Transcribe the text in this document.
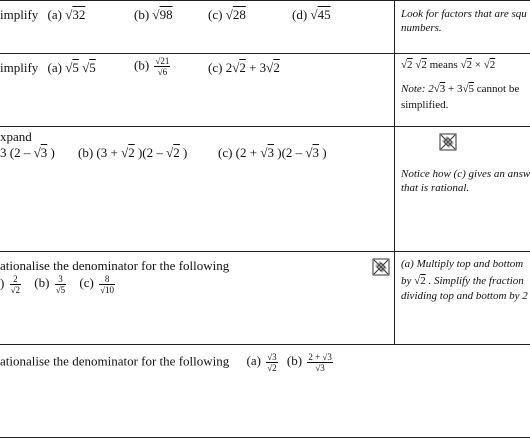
implify (a) √32	(b) √98	(c) √28	(d) √45	Look for factors that are squ
numbers.
implify (a) √5 √5	$(b) \frac{√21}{√6}$	(c) 2√2 + 3√2	√2 √2 means √2 × √2
Note: 2√3 + 3√5 cannot be
simplified.
xpand
3 (2 – √3 ) (b) (3 + √2 )(2 – √2 ) (c) (2 + √3 )(2 – √3 )
Notice how (c) gives an answ
that is rational.
ationalise the denominator for the following
) $\frac{2}{√2} (b) \frac{3}{√5} (c) \frac{8}{√10}$
(a) Multiply top and bottom
by √2 . Simplify the fraction
dividing top and bottom by 2
ationalise the denominator for the following $(a) \frac{√3}{√2} (b) \frac{2 + √3}{√3}$
